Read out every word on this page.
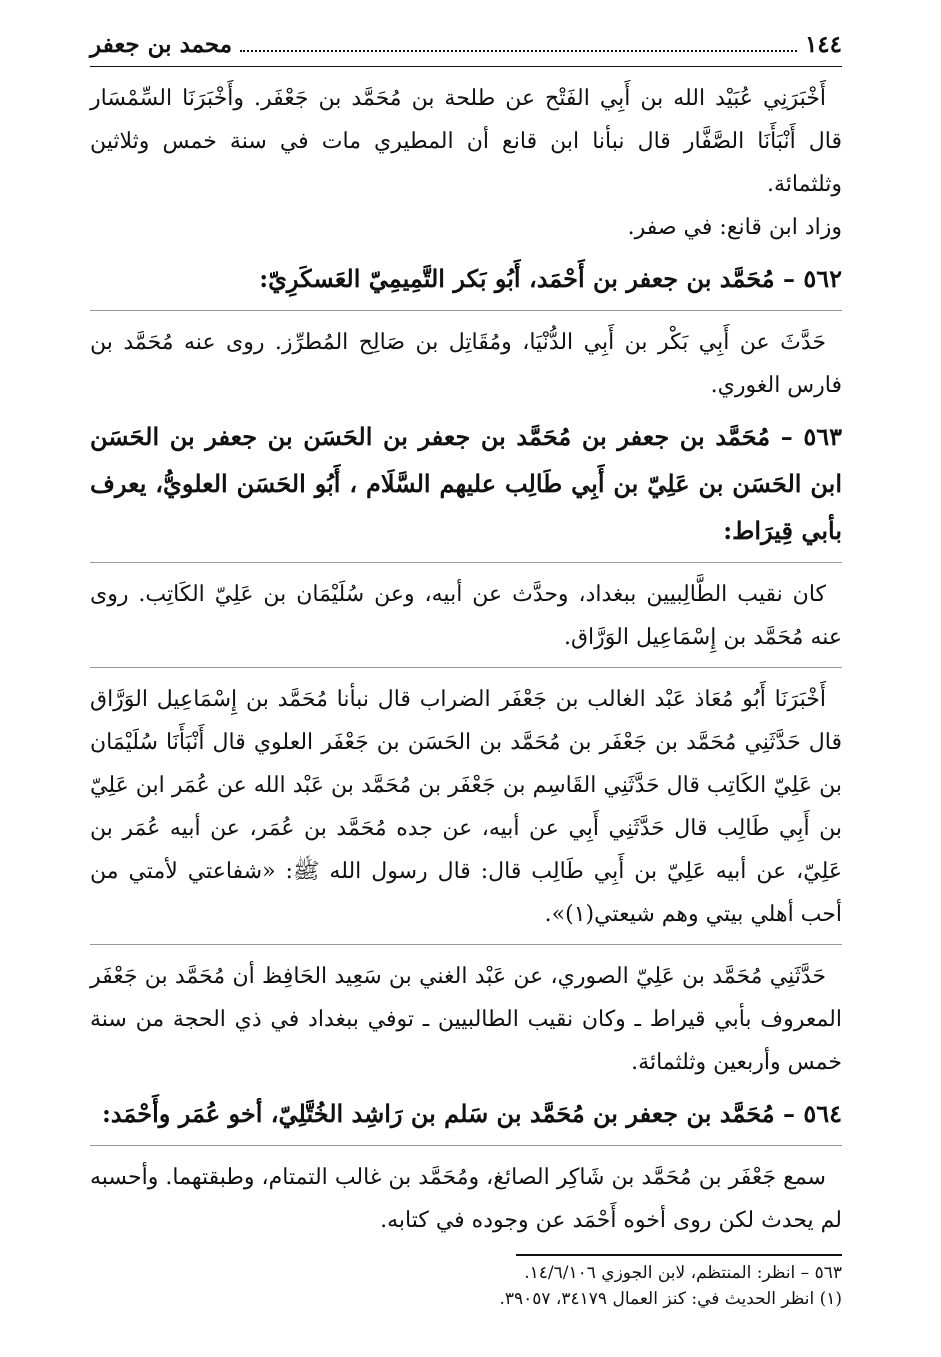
١٤٤
محمد بن جعفر

أَخْبَرَنِي عُبَيْد الله بن أَبِي الفَتْح عن طلحة بن مُحَمَّد بن جَعْفَر. وأَخْبَرَنَا السِّمْسَار قال أَنْبَأَنَا الصَّفَّار قال نبأنا ابن قانع أن المطيري مات في سنة خمس وثلاثين وثلثمائة.

وزاد ابن قانع: في صفر.

٥٦٢ – مُحَمَّد بن جعفر بن أَحْمَد، أَبُو بَكر التَّمِيمِيّ العَسكَرِيّ:

حَدَّثَ عن أَبِي بَكْر بن أَبِي الدُّنْيَا، ومُقَاتِل بن صَالِح المُطرِّز. روى عنه مُحَمَّد بن فارس الغوري.

٥٦٣ – مُحَمَّد بن جعفر بن مُحَمَّد بن جعفر بن الحَسَن بن جعفر بن الحَسَن ابن الحَسَن بن عَلِيّ بن أَبِي طَالِب عليهم السَّلَام ، أَبُو الحَسَن العلويُّ، يعرف بأبي قِيرَاط:

كان نقيب الطَّالِبيين ببغداد، وحدَّث عن أبيه، وعن سُلَيْمَان بن عَلِيّ الكَاتِب. روى عنه مُحَمَّد بن إِسْمَاعِيل الوَرَّاق.

أَخْبَرَنَا أَبُو مُعَاذ عَبْد الغالب بن جَعْفَر الضراب قال نبأنا مُحَمَّد بن إِسْمَاعِيل الوَرَّاق قال حَدَّثَنِي مُحَمَّد بن جَعْفَر بن مُحَمَّد بن الحَسَن بن جَعْفَر العلوي قال أَنْبَأَنَا سُلَيْمَان بن عَلِيّ الكَاتِب قال حَدَّثَنِي القَاسِم بن جَعْفَر بن مُحَمَّد بن عَبْد الله عن عُمَر ابن عَلِيّ بن أَبِي طَالِب قال حَدَّثَنِي أَبِي عن أبيه، عن جده مُحَمَّد بن عُمَر، عن أبيه عُمَر بن عَلِيّ، عن أبيه عَلِيّ بن أَبِي طَالِب قال: قال رسول الله ﷺ: «شفاعتي لأمتي من أحب أهلي بيتي وهم شيعتي(١)».

حَدَّثَنِي مُحَمَّد بن عَلِيّ الصوري، عن عَبْد الغني بن سَعِيد الحَافِظ أن مُحَمَّد بن جَعْفَر المعروف بأبي قيراط ـ وكان نقيب الطالبيين ـ توفي ببغداد في ذي الحجة من سنة خمس وأربعين وثلثمائة.

٥٦٤ – مُحَمَّد بن جعفر بن مُحَمَّد بن سَلم بن رَاشِد الخُتَّلِيّ، أخو عُمَر وأَحْمَد:

سمع جَعْفَر بن مُحَمَّد بن شَاكِر الصائغ، ومُحَمَّد بن غالب التمتام، وطبقتهما. وأحسبه لم يحدث لكن روى أخوه أَحْمَد عن وجوده في كتابه.

٥٦٣ – انظر: المنتظم، لابن الجوزي ١٤/٦/١٠٦.
(١) انظر الحديث في: كنز العمال ٣٤١٧٩، ٣٩٠٥٧.
